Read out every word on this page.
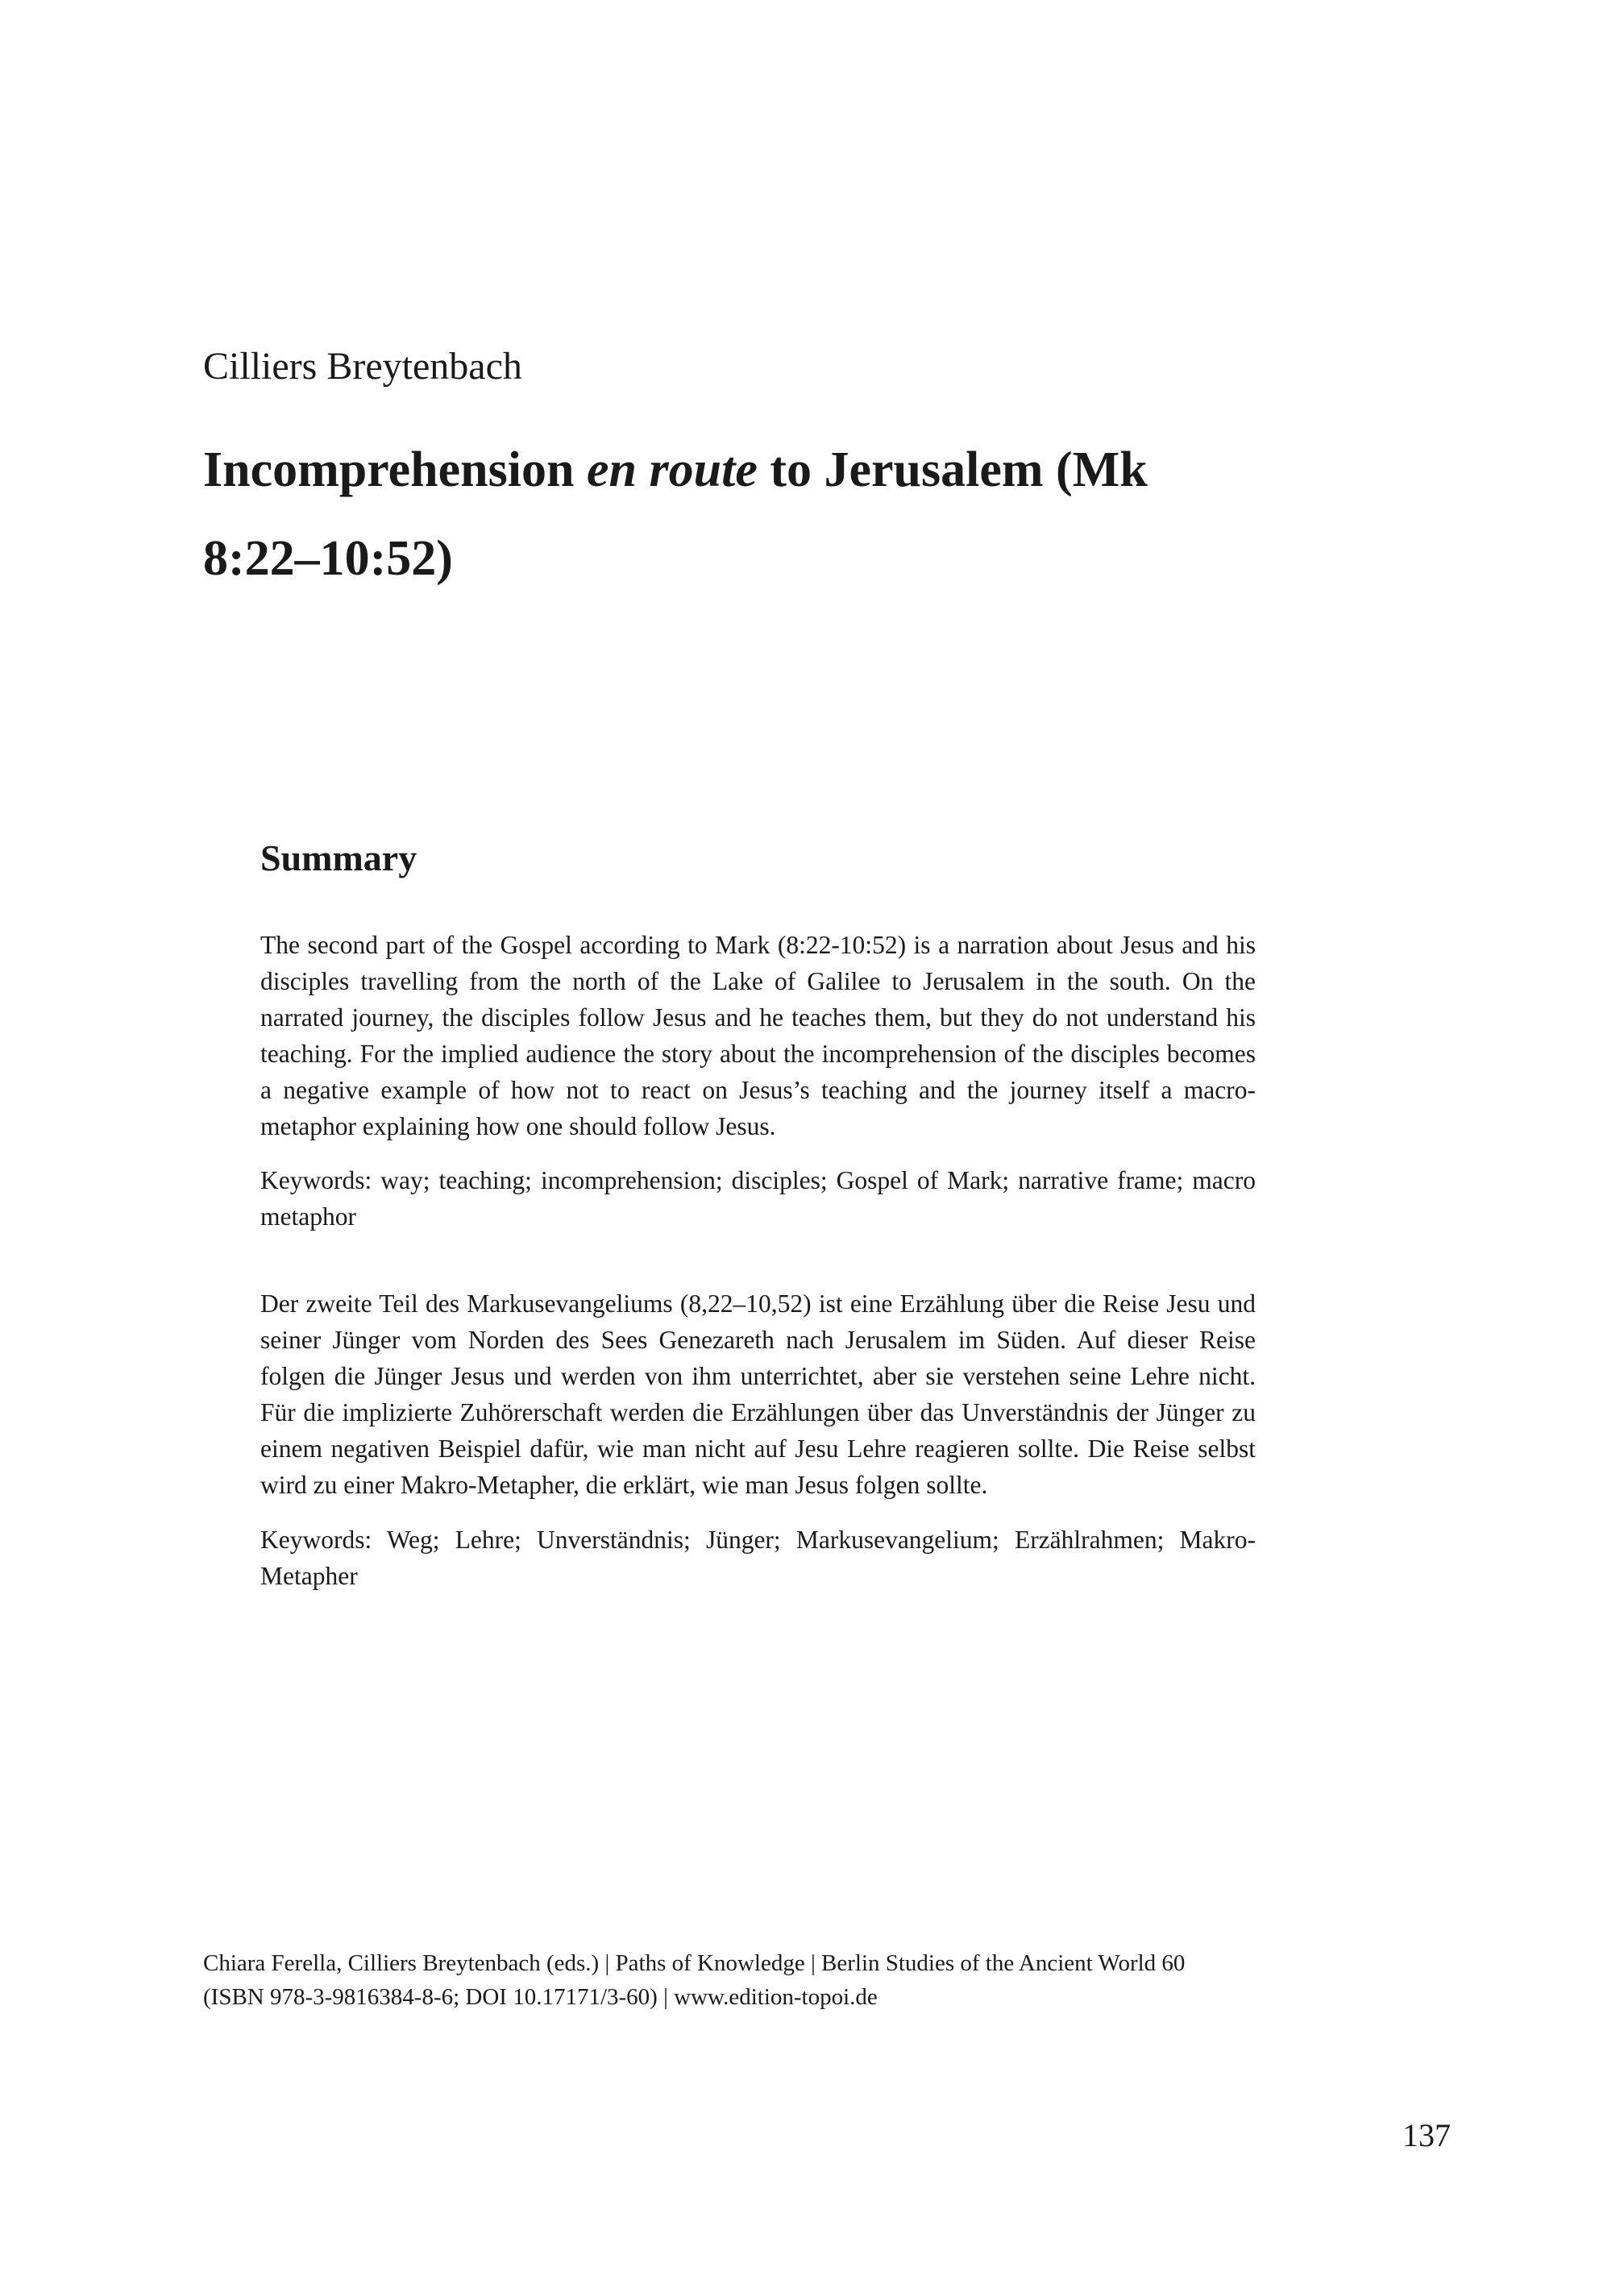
Cilliers Breytenbach
Incomprehension en route to Jerusalem (Mk 8:22–10:52)
Summary

The second part of the Gospel according to Mark (8:22-10:52) is a narration about Jesus and his disciples travelling from the north of the Lake of Galilee to Jerusalem in the south. On the narrated journey, the disciples follow Jesus and he teaches them, but they do not understand his teaching. For the implied audience the story about the incomprehension of the disciples becomes a negative example of how not to react on Jesus’s teaching and the journey itself a macro-metaphor explaining how one should follow Jesus.

Keywords: way; teaching; incomprehension; disciples; Gospel of Mark; narrative frame; macro metaphor

Der zweite Teil des Markusevangeliums (8,22–10,52) ist eine Erzählung über die Reise Jesu und seiner Jünger vom Norden des Sees Genezareth nach Jerusalem im Süden. Auf dieser Reise folgen die Jünger Jesus und werden von ihm unterrichtet, aber sie verstehen seine Lehre nicht. Für die implizierte Zuhörerschaft werden die Erzählungen über das Unverständnis der Jünger zu einem negativen Beispiel dafür, wie man nicht auf Jesu Lehre reagieren sollte. Die Reise selbst wird zu einer Makro-Metapher, die erklärt, wie man Jesus folgen sollte.

Keywords: Weg; Lehre; Unverständnis; Jünger; Markusevangelium; Erzählrahmen; Makro-Metapher

Chiara Ferella, Cilliers Breytenbach (eds.) | Paths of Knowledge | Berlin Studies of the Ancient World 60
(ISBN 978-3-9816384-8-6; DOI 10.17171/3-60) | www.edition-topoi.de
137
